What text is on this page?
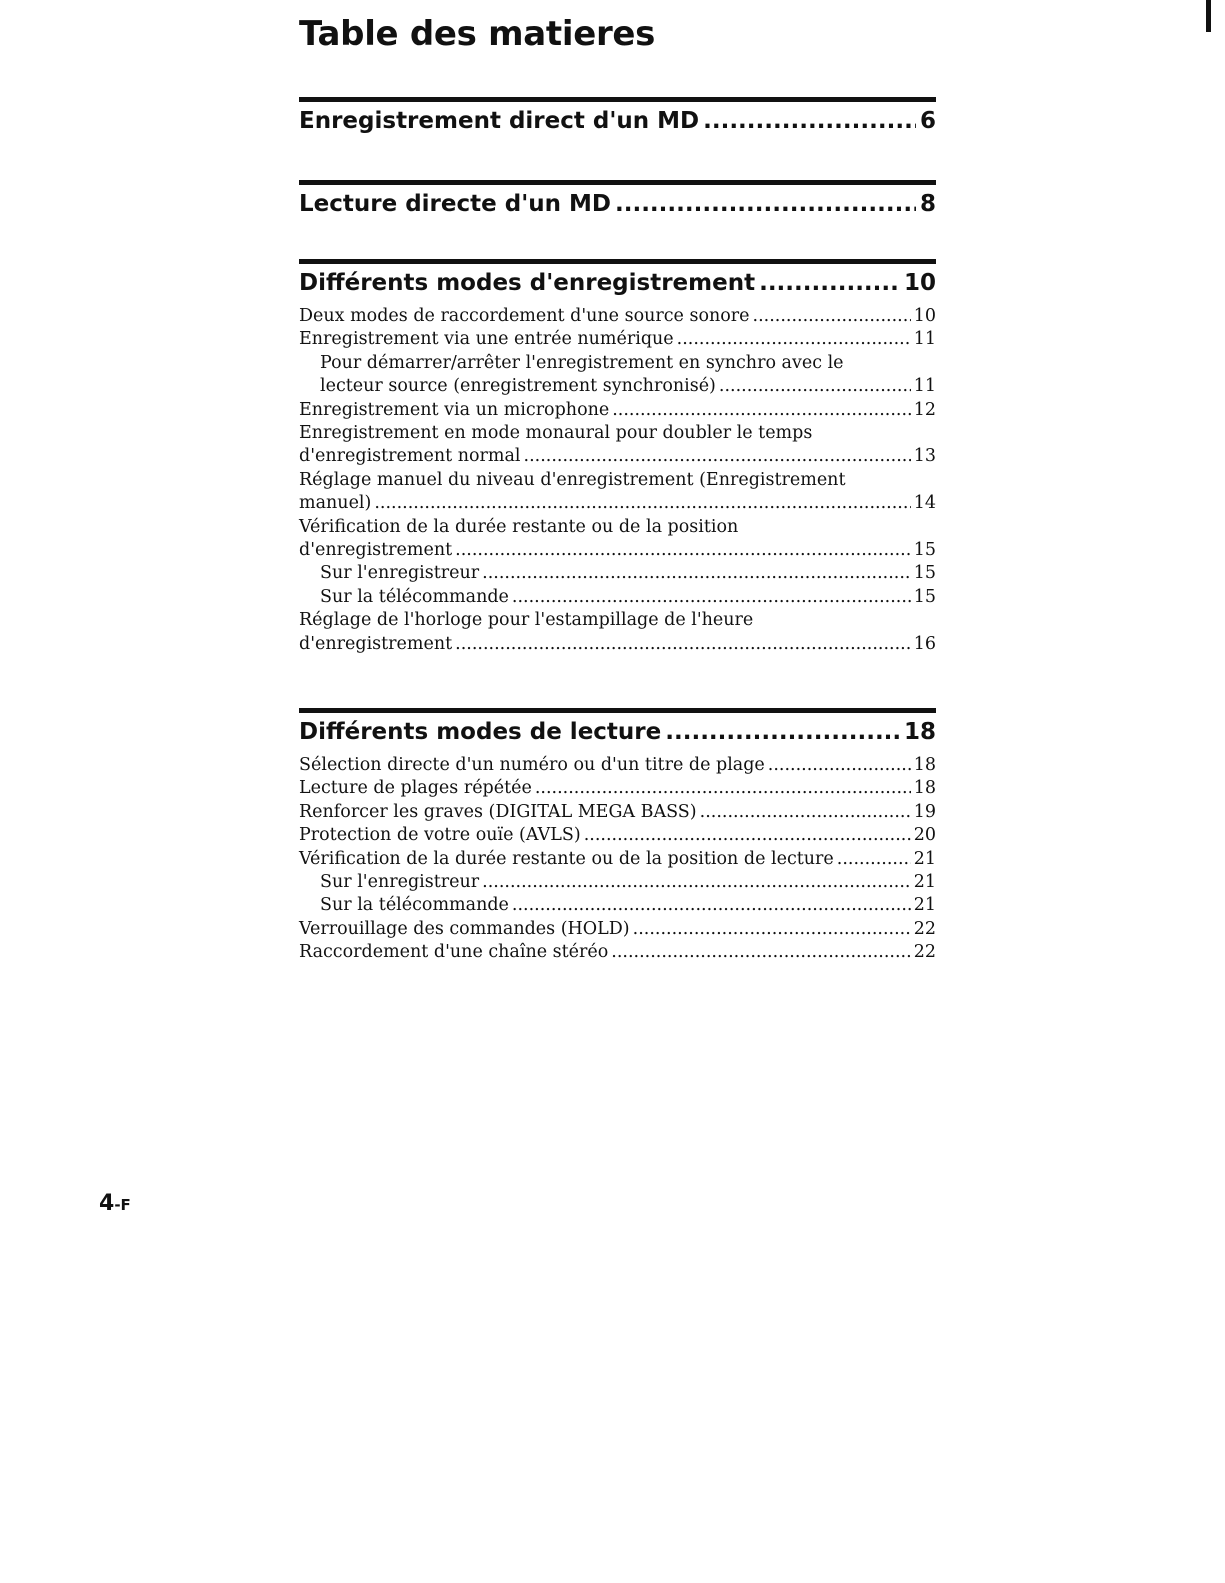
Table des matieres
Enregistrement direct d'un MD .....	6
Lecture directe d'un MD .....	8
Différents modes d'enregistrement .....	10
Deux modes de raccordement d'une source sonore .....	10
Enregistrement via une entrée numérique .....	11
Pour démarrer/arrêter l'enregistrement en synchro avec le
lecteur source (enregistrement synchronisé) .....	11
Enregistrement via un microphone .....	12
Enregistrement en mode monaural pour doubler le temps
d'enregistrement normal .....	13
Réglage manuel du niveau d'enregistrement (Enregistrement
manuel) .....	14
Vérification de la durée restante ou de la position
d'enregistrement .....	15
Sur l'enregistreur .....	15
Sur la télécommande .....	15
Réglage de l'horloge pour l'estampillage de l'heure
d'enregistrement .....	16
Différents modes de lecture .....	18
Sélection directe d'un numéro ou d'un titre de plage .....	18
Lecture de plages répétée .....	18
Renforcer les graves (DIGITAL MEGA BASS) .....	19
Protection de votre ouïe (AVLS) .....	20
Vérification de la durée restante ou de la position de lecture .....	21
Sur l'enregistreur .....	21
Sur la télécommande .....	21
Verrouillage des commandes (HOLD) .....	22
Raccordement d'une chaîne stéréo .....	22
4-F
